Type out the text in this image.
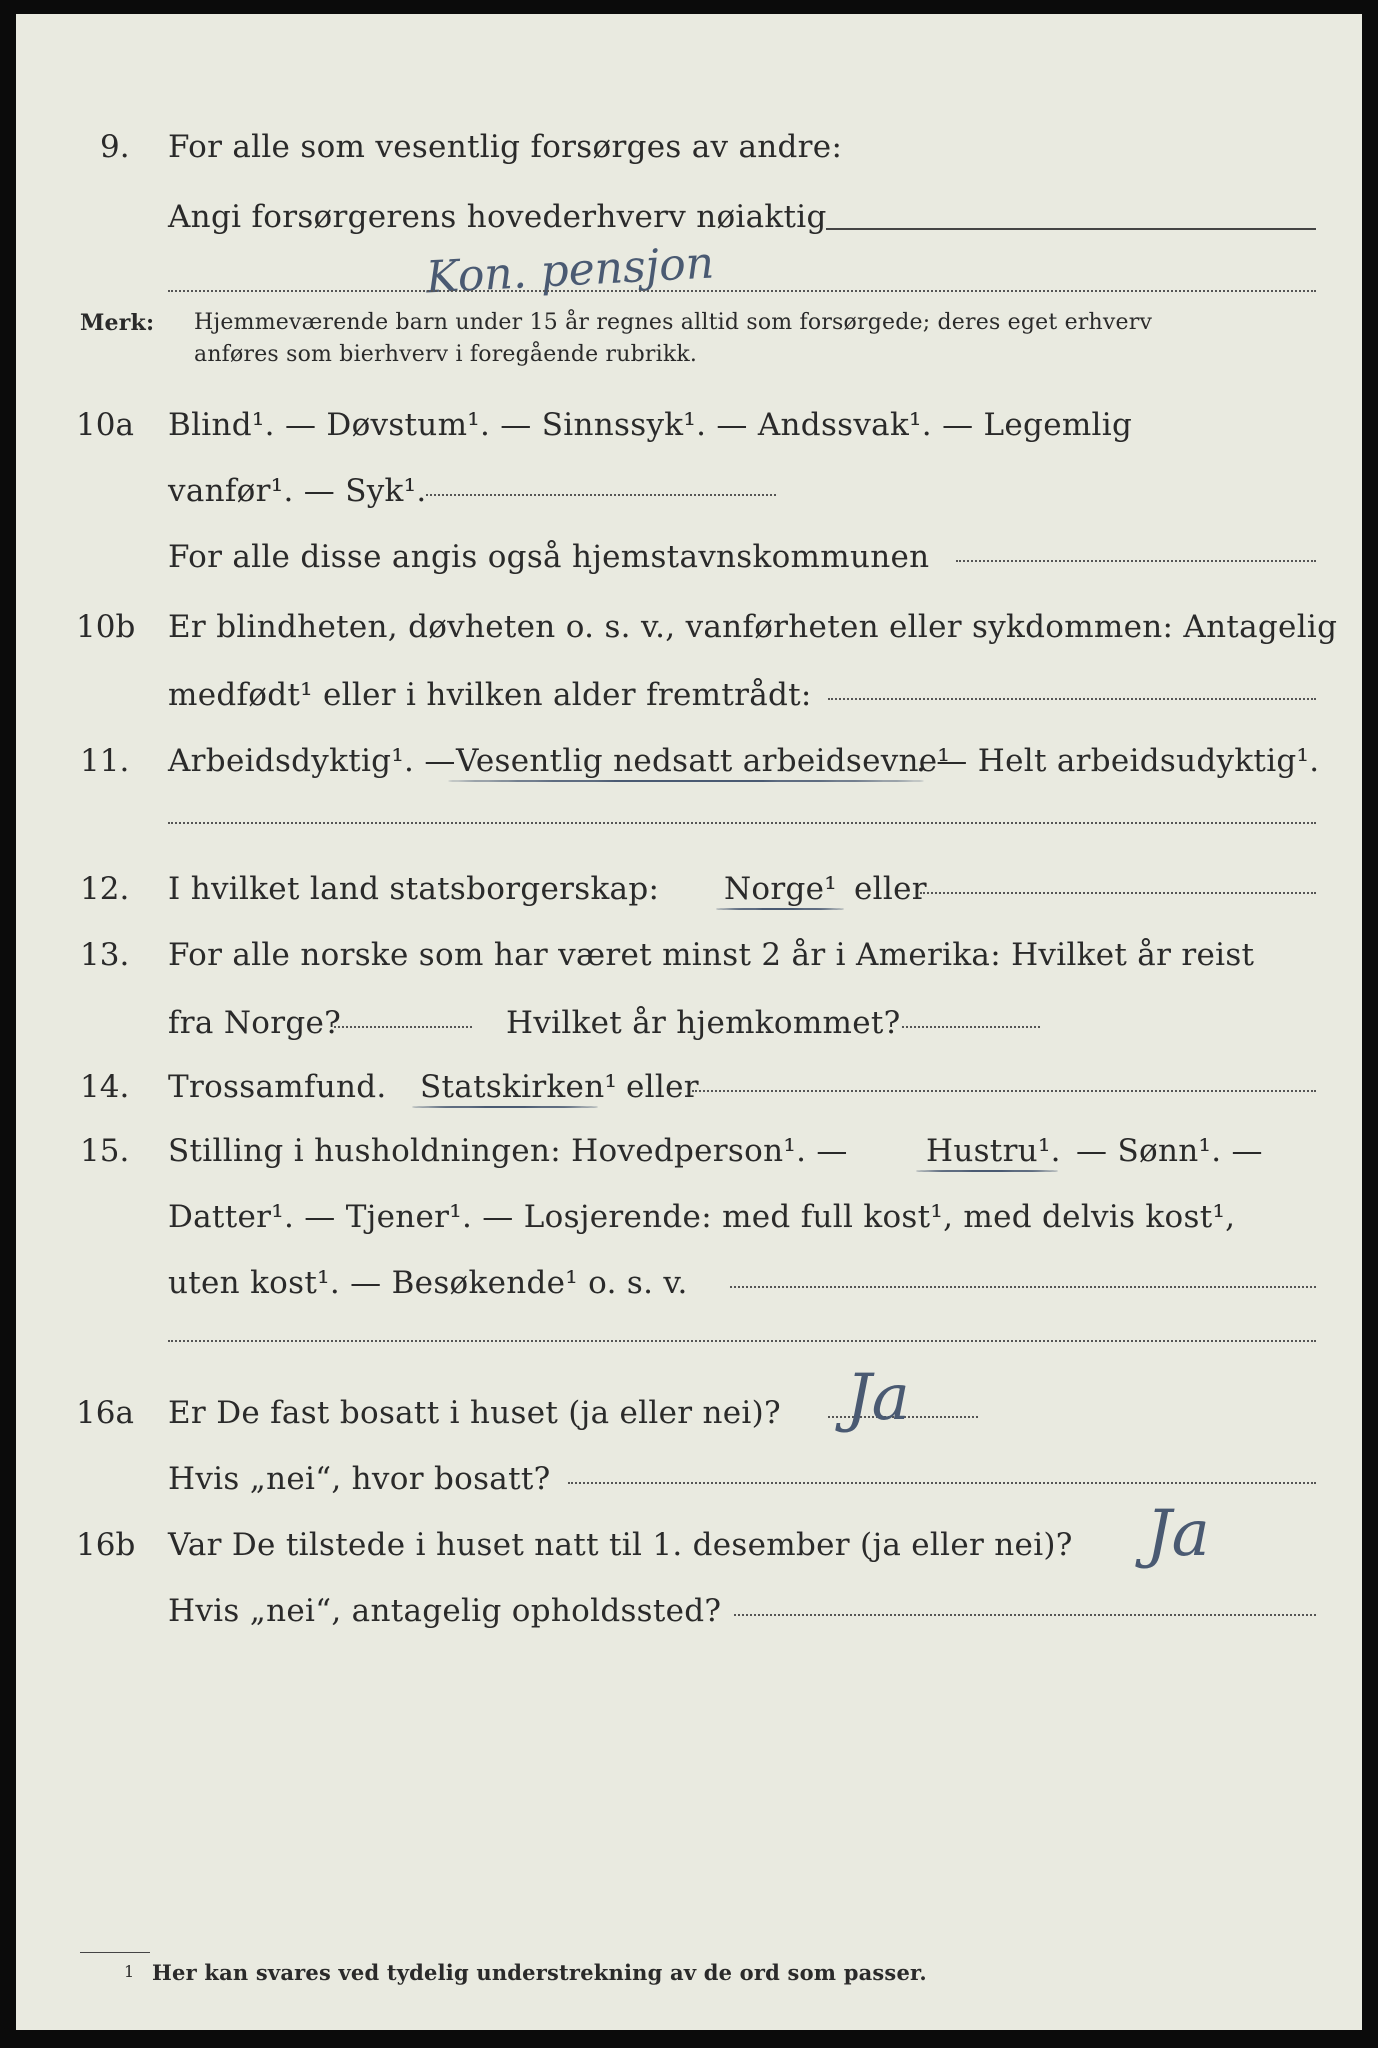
9. For alle som vesentlig forsørges av andre:
Angi forsørgerens hovederhverv nøiaktig
Kon. pensjon
Merk: Hjemmeværende barn under 15 år regnes alltid som forsørgede; deres eget erhverv
anføres som bierhverv i foregående rubrikk.
10a Blind¹. — Døvstum¹. — Sinnssyk¹. — Andssvak¹. — Legemlig
vanfør¹. — Syk¹.
For alle disse angis også hjemstavnskommunen
10b Er blindheten, døvheten o. s. v., vanførheten eller sykdommen: Antagelig
medfødt¹ eller i hvilken alder fremtrådt:
11. Arbeidsdyktig¹. — Vesentlig nedsatt arbeidsevne¹
. — Helt arbeidsudyktig¹.
12. I hvilket land statsborgerskap: Norge¹ eller
13. For alle norske som har været minst 2 år i Amerika: Hvilket år reist
fra Norge?	Hvilket år hjemkommet?
14. Trossamfund. Statskirken¹ eller
15. Stilling i husholdningen: Hovedperson¹. —	Hustru¹. — Sønn¹. —
Datter¹. — Tjener¹. — Losjerende: med full kost¹, med delvis kost¹,
uten kost¹. — Besøkende¹ o. s. v.
16a Er De fast bosatt i huset (ja eller nei)? Ja
Hvis „nei“, hvor bosatt?
16b Var De tilstede i huset natt til 1. desember (ja eller nei)? Ja
Hvis „nei“, antagelig opholdssted?
1 Her kan svares ved tydelig understrekning av de ord som passer.
